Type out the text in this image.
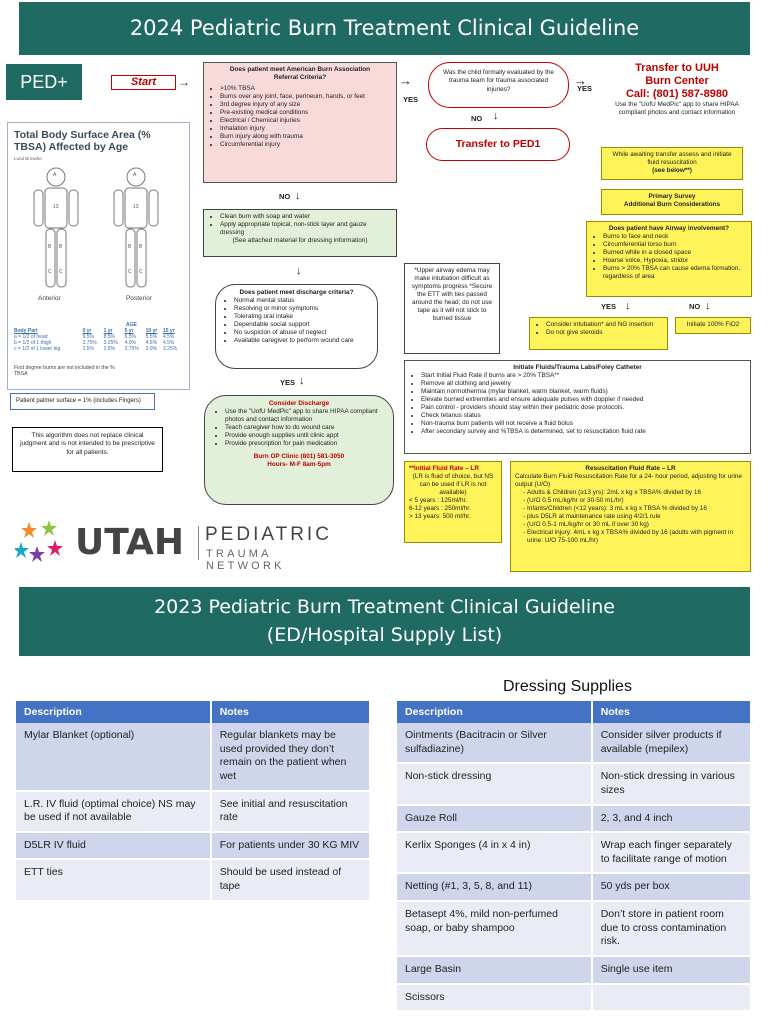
2024 Pediatric Burn Treatment Clinical Guideline
PED+	Start	→
Total Body Surface Area (% TBSA) Affected by Age
Lund Browder
A
13
A
13
B B
C C
B B
C C
Anterior	Posterior
AGE
Body Part	0 yr	1 yr	5 yr	10 yr	15 yr
a = 1/2 of head	9.5%	8.5%	6.5%	5.5%	4.5%
b = 1/2 of 1 thigh	2.75%	3.25%	4.0%	4.5%	4.5%
c = 1/2 of 1 lower leg	2.5%	2.5%	2.75%	3.0%	3.25%
First degree burns are not included in the % TBSA
Patient palmer surface = 1% (includes Fingers)
This algorithm does not replace clinical judgment and is not intended to be prescriptive for all patients.
UTAH PEDIATRIC
TRAUMA NETWORK
Does patient meet American Burn Association Referral Criteria?
• >10% TBSA
• Burns over any joint, face, perineum, hands, or feet
• 3rd degree injury of any size
• Pre-existing medical conditions
• Electrical / Chemical injuries
• Inhalation injury
• Burn injury along with trauma
• Circumferential injury
→
YES
Was the child formally evaluated by the trauma team for trauma associated injuries?
→
YES
NO ↓
Transfer to PED1
Transfer to UUH
Burn Center
Call: (801) 587-8980
Use the "UofU MedPic" app to share HIPAA compliant photos and contact information
While awaiting transfer assess and initiate fluid resuscitation
(see below**)
Primary Survey
Additional Burn Considerations
NO ↓
• Clean burn with soap and water
• Apply appropriate topical, non-stick layer and gauze dressing
(See attached material for dressing information)
↓
Does patient meet discharge criteria?
• Normal mental status
• Resolving or minor symptoms
• Tolerating oral intake
• Dependable social support
• No suspicion of abuse of neglect
• Available caregiver to perform wound care
YES ↓
Consider Discharge
• Use the "UofU MedPic" app to share HIPAA compliant photos and contact information
• Teach caregiver how to do wound care
• Provide enough supplies until clinic appt
• Provide prescription for pain medication
Burn OP Clinic (801) 581-3050
Hours- M-F 8am-5pm
Does patient have Airway involvement?
• Burns to face and neck
• Circumferential torso burn
• Burned while in a closed space
• Hoarse voice, Hypoxia, stridor
• Burns > 20% TBSA can cause edema formation, regardless of area
YES ↓	NO ↓
*Upper airway edema may make intubation difficult as symptoms progress *Secure the ETT with ties passed around the head; do not use tape as it will not stick to burned tissue
• Consider intubation* and NG insertion
• Do not give steroids
Initiate 100% FiO2
Initiate Fluids/Trauma Labs/Foley Catheter
• Start Initial Fluid Rate if burns are > 20% TBSA**
• Remove all clothing and jewelry
• Maintain normothermia (mylar blanket, warm blanket, warm fluids)
• Elevate burned extremities and ensure adequate pulses with doppler if needed
• Pain control - providers should stay within their pediatric dose protocols.
• Check tetanus status
• Non-trauma burn patients will not receive a fluid bolus
• After secondary survey and %TBSA is determined, set to resuscitation fluid rate
**Initial Fluid Rate – LR
(LR is fluid of choice, but NS can be used if LR is not available)
< 5 years : 125ml/hr.
6-12 years : 250ml/hr.
> 13 years: 500 ml/hr.
Resuscitation Fluid Rate – LR
Calculate Burn Fluid Resuscitation Rate for a 24- hour period, adjusting for urine output (U/O)
- Adults & Children (≥13 yrs): 2mL x kg x TBSA% divided by 16
- (U/O 0.5 mL/kg/hr or 30-50 mL/hr)
- Infants/Children (<12 years): 3 mL x kg x TBSA % divided by 16
- plus D5LR at maintenance rate using 4/2/1 rule
- (U/O 0.5-1 mL/kg/hr or 30 mL if over 30 kg)
- Electrical injury: 4mL x kg x TBSA% divided by 16 (adults with pigment in urine: U/O 75-100 mL/hr)
2023 Pediatric Burn Treatment Clinical Guideline
(ED/Hospital Supply List)
Dressing Supplies
Description	Notes
Mylar Blanket (optional)	Regular blankets may be used provided they don’t remain on the patient when wet
L.R. IV fluid (optimal choice) NS may be used if not available	See initial and resuscitation rate
D5LR IV fluid	For patients under 30 KG MIV
ETT ties	Should be used instead of tape
Description	Notes
Ointments (Bacitracin or Silver sulfadiazine)	Consider silver products if available (mepilex)
Non-stick dressing	Non-stick dressing in various sizes
Gauze Roll	2, 3, and 4 inch
Kerlix Sponges (4 in x 4 in)	Wrap each finger separately to facilitate range of motion
Netting (#1, 3, 5, 8, and 11)	50 yds per box
Betasept 4%, mild non-perfumed soap, or baby shampoo	Don’t store in patient room due to cross contamination risk.
Large Basin	Single use item
Scissors	
